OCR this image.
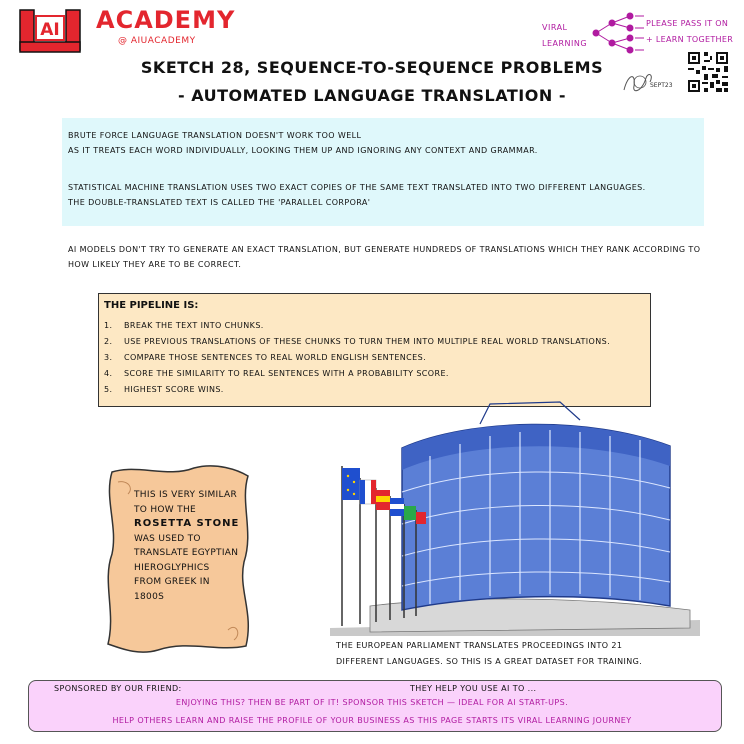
AI ACADEMY
@ AIUACADEMY
VIRAL
LEARNING
PLEASE PASS IT ON
+ LEARN TOGETHER
SEPT23
SKETCH 28, SEQUENCE-TO-SEQUENCE PROBLEMS
- AUTOMATED LANGUAGE TRANSLATION -
BRUTE FORCE LANGUAGE TRANSLATION DOESN'T WORK TOO WELL
AS IT TREATS EACH WORD INDIVIDUALLY, LOOKING THEM UP AND IGNORING ANY CONTEXT AND GRAMMAR.
STATISTICAL MACHINE TRANSLATION USES TWO EXACT COPIES OF THE SAME TEXT TRANSLATED INTO TWO DIFFERENT LANGUAGES.
THE DOUBLE-TRANSLATED TEXT IS CALLED THE 'PARALLEL CORPORA'
AI MODELS DON'T TRY TO GENERATE AN EXACT TRANSLATION, BUT GENERATE HUNDREDS OF TRANSLATIONS WHICH THEY RANK ACCORDING TO HOW LIKELY THEY ARE TO BE CORRECT.
THE PIPELINE IS:
1. BREAK THE TEXT INTO CHUNKS.
2. USE PREVIOUS TRANSLATIONS OF THESE CHUNKS TO TURN THEM INTO MULTIPLE REAL WORLD TRANSLATIONS.
3. COMPARE THOSE SENTENCES TO REAL WORLD ENGLISH SENTENCES.
4. SCORE THE SIMILARITY TO REAL SENTENCES WITH A PROBABILITY SCORE.
5. HIGHEST SCORE WINS.
THIS IS VERY SIMILAR
TO HOW THE
ROSETTA STONE
WAS USED TO
TRANSLATE EGYPTIAN
HIEROGLYPHICS
FROM GREEK IN
1800S
THE EUROPEAN PARLIAMENT TRANSLATES PROCEEDINGS INTO 21
DIFFERENT LANGUAGES. SO THIS IS A GREAT DATASET FOR TRAINING.
SPONSORED BY OUR FRIEND:	THEY HELP YOU USE AI TO ...
ENJOYING THIS? THEN BE PART OF IT! SPONSOR THIS SKETCH — IDEAL FOR AI START-UPS.
HELP OTHERS LEARN AND RAISE THE PROFILE OF YOUR BUSINESS AS THIS PAGE STARTS ITS VIRAL LEARNING JOURNEY
